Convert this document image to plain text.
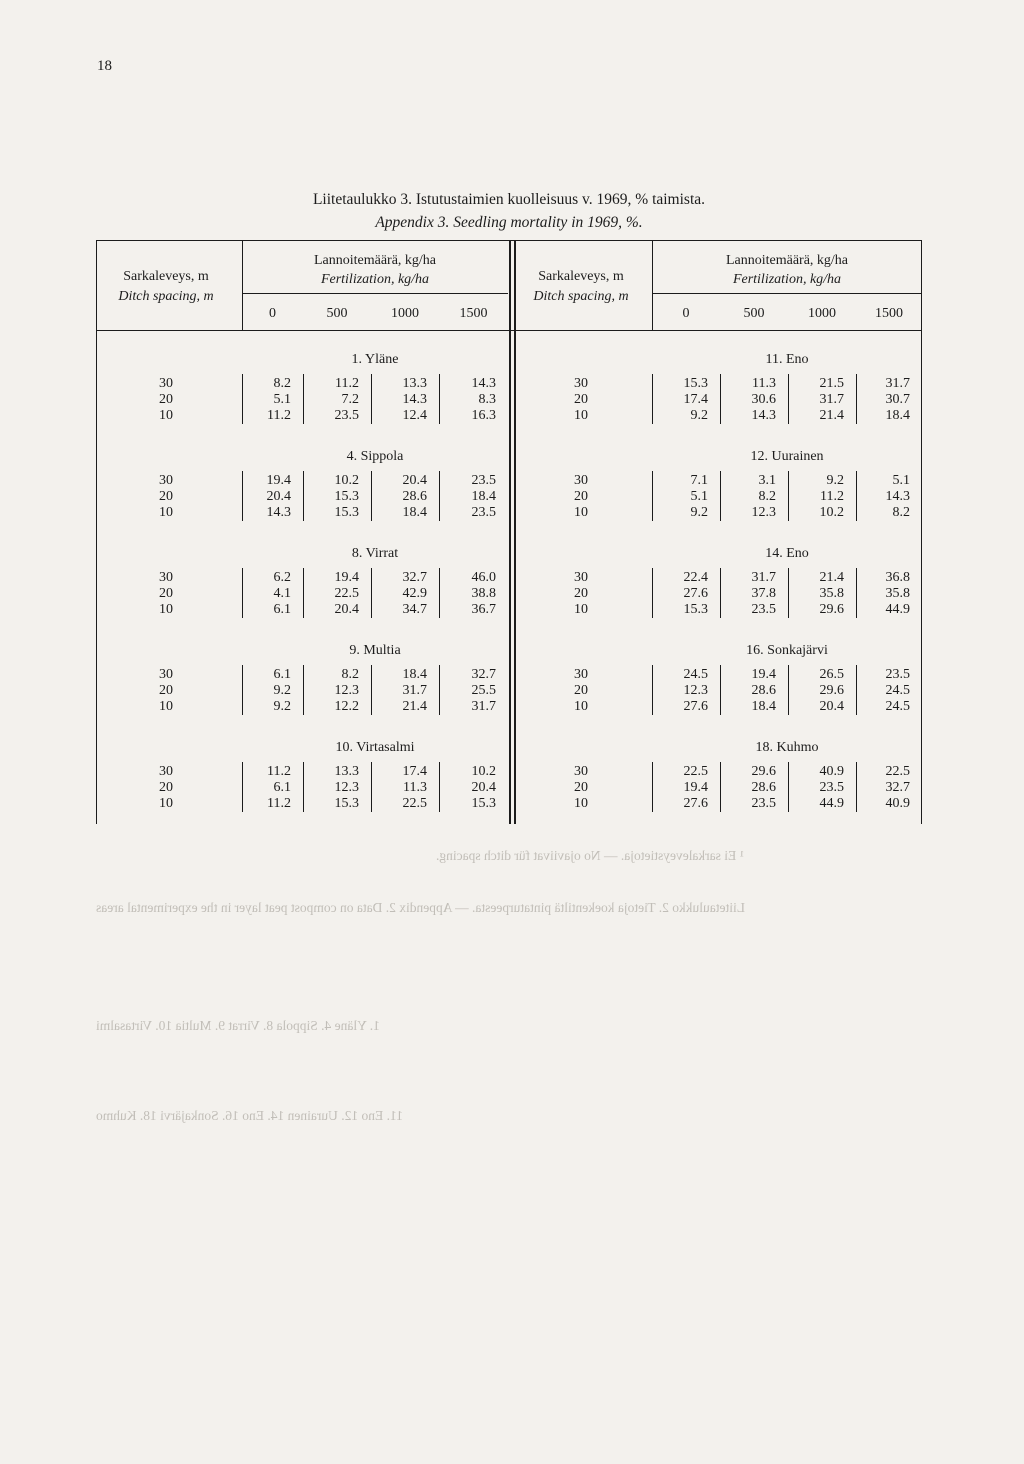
18
Liitetaulukko 3. Istutustaimien kuolleisuus v. 1969, % taimista.
Appendix 3. Seedling mortality in 1969, %.
Sarkaleveys, m
Ditch spacing, m
Lannoitemäärä, kg/ha
Fertilization, kg/ha
0	500	1000	1500
Sarkaleveys, m
Ditch spacing, m
Lannoitemäärä, kg/ha
Fertilization, kg/ha
0	500	1000	1500
1. Yläne
30	8.2	11.2	13.3	14.3
20	5.1	7.2	14.3	8.3
10	11.2	23.5	12.4	16.3
4. Sippola
30	19.4	10.2	20.4	23.5
20	20.4	15.3	28.6	18.4
10	14.3	15.3	18.4	23.5
8. Virrat
30	6.2	19.4	32.7	46.0
20	4.1	22.5	42.9	38.8
10	6.1	20.4	34.7	36.7
9. Multia
30	6.1	8.2	18.4	32.7
20	9.2	12.3	31.7	25.5
10	9.2	12.2	21.4	31.7
10. Virtasalmi
30	11.2	13.3	17.4	10.2
20	6.1	12.3	11.3	20.4
10	11.2	15.3	22.5	15.3
11. Eno
30	15.3	11.3	21.5	31.7
20	17.4	30.6	31.7	30.7
10	9.2	14.3	21.4	18.4
12. Uurainen
30	7.1	3.1	9.2	5.1
20	5.1	8.2	11.2	14.3
10	9.2	12.3	10.2	8.2
14. Eno
30	22.4	31.7	21.4	36.8
20	27.6	37.8	35.8	35.8
10	15.3	23.5	29.6	44.9
16. Sonkajärvi
30	24.5	19.4	26.5	23.5
20	12.3	28.6	29.6	24.5
10	27.6	18.4	20.4	24.5
18. Kuhmo
30	22.5	29.6	40.9	22.5
20	19.4	28.6	23.5	32.7
10	27.6	23.5	44.9	40.9
¹ Ei sarkaleveystietoja. — No ojaviivat für ditch spacing.
Liitetaulukko 2. Tietoja koekentiltä pintaturpeesta. — Appendix 2. Data on compost peat layer in the experimental areas
1. Yläne 4. Sippola 8. Virrat 9. Multia 10. Virtasalmi
11. Eno 12. Uurainen 14. Eno 16. Sonkajärvi 18. Kuhmo
